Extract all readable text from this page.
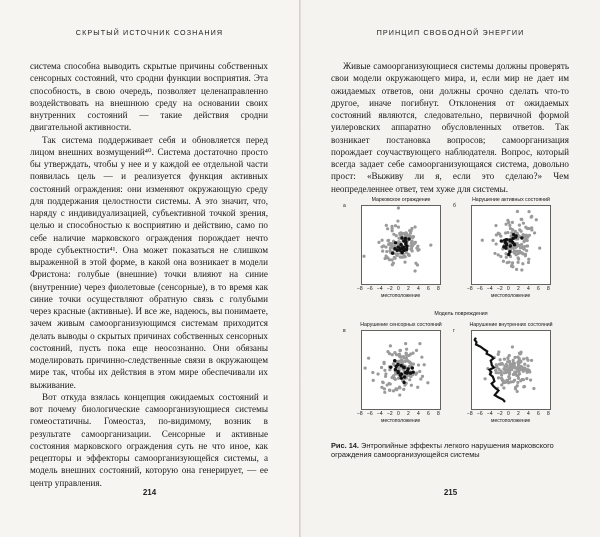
СКРЫТЫЙ ИСТОЧНИК СОЗНАНИЯ

система способна выводить скрытые причины собственных сенсорных состояний, что сродни функции восприятия. Эта способность, в свою очередь, позволяет целенаправленно воздействовать на внешнюю среду на основании своих внутренних состояний — такие действия сродни двигательной активности.

Так система поддерживает себя и обновляется перед лицом внешних возмущений⁴⁰. Система достаточно просто бы утверждать, чтобы у нее и у каждой ее отдельной части появилась цель — и реализуется функция активных состояний ограждения: они изменяют окружающую среду для поддержания целостности системы. А это значит, что, наряду с индивидуализацией, субъективной точкой зрения, целью и способностью к восприятию и действию, само по себе наличие марковского ограждения порождает нечто вроде субъектности⁴¹. Она может показаться не слишком выраженной в этой форме, в какой она возникает в модели Фристона: голубые (внешние) точки влияют на синие (внутренние) через фиолетовые (сенсорные), в то время как синие точки осуществляют обратную связь с голубыми через красные (активные). И все же, надеюсь, вы понимаете, зачем живым самоорганизующимся системам приходится делать выводы о скрытых причинах собственных сенсорных состояний, пусть пока еще неосознанно. Они обязаны моделировать причинно-следственные связи в окружающем мире так, чтобы их действия в этом мире обеспечивали их выживание.

Вот откуда взялась концепция ожидаемых состояний и вот почему биологические самоорганизующиеся системы гомеостатичны. Гомеостаз, по-видимому, возник в результате самоорганизации. Сенсорные и активные состояния марковского ограждения суть не что иное, как рецепторы и эффекторы самоорганизующейся системы, а модель внешних состояний, которую она генерирует, — ее центр управления.

214
ПРИНЦИП СВОБОДНОЙ ЭНЕРГИИ

Живые самоорганизующиеся системы должны проверять свои модели окружающего мира, и, если мир не дает им ожидаемых ответов, они должны срочно сделать что-то другое, иначе погибнут. Отклонения от ожидаемых состояний являются, следовательно, первичной формой уилеровских аппаратно обусловленных ответов. Так возникает постановка вопросов; самоорганизация порождает соучаствующего наблюдателя. Вопрос, который всегда задает себе самоорганизующаяся система, довольно прост: «Выживу ли я, если это сделаю?» Чем неопределеннее ответ, тем хуже для системы.

а
Марковское ограждение
−8 −6 −4 −2 0 2 4 6 8
местоположение
б
Нарушение активных состояний
−8 −6 −4 −2 0 2 4 6 8
местоположение
в
Нарушение сенсорных состояний
−8 −6 −4 −2 0 2 4 6 8
местоположение
г
Нарушение внутренних состояний
−8 −6 −4 −2 0 2 4 6 8
местоположение
Модель повреждения
Рис. 14. Энтропийные эффекты легкого нарушения марковского ограждения самоорганизующейся системы
215
